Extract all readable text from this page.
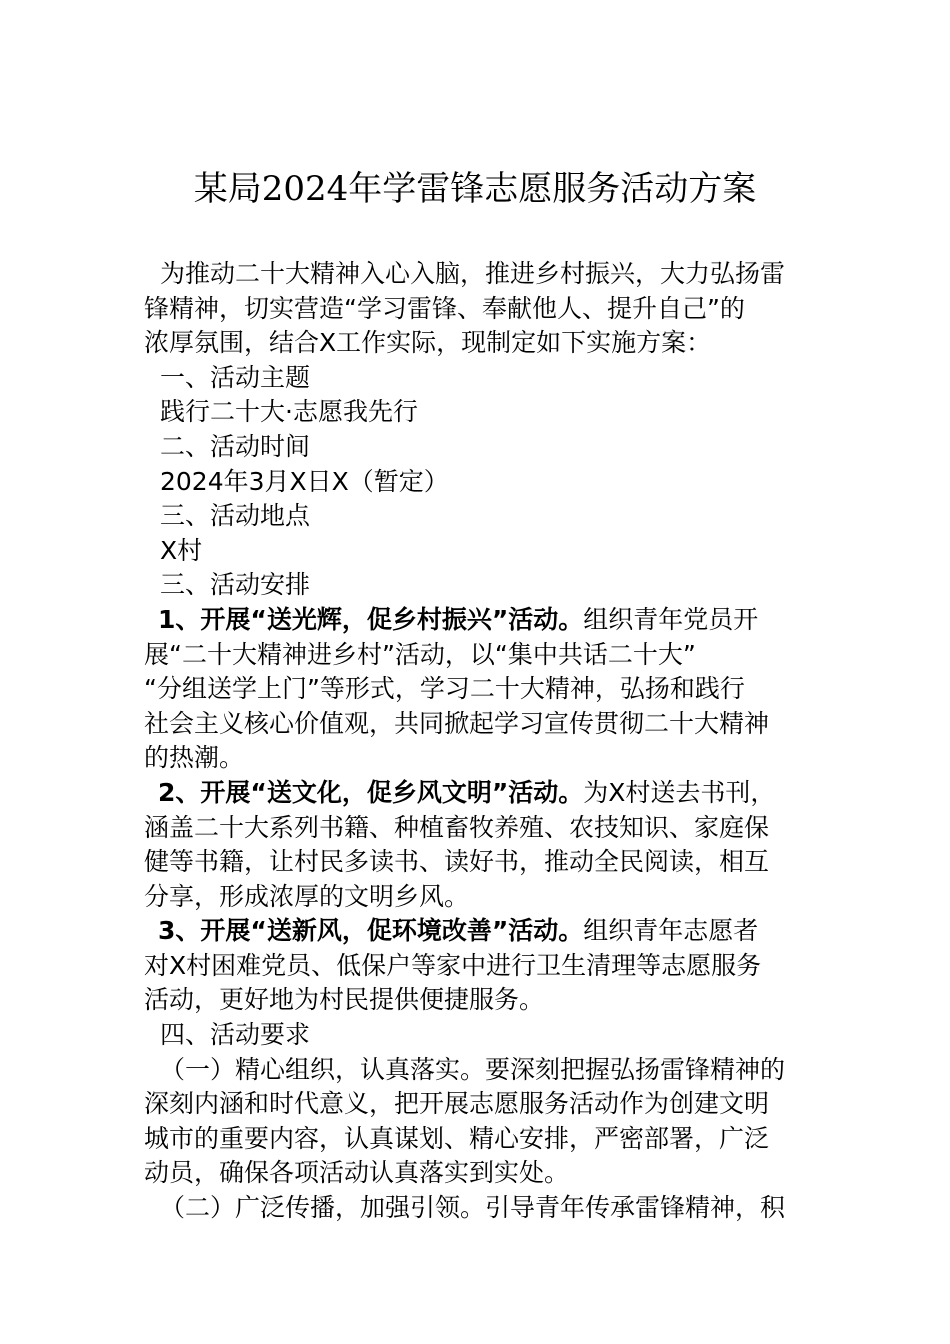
某局2024年学雷锋志愿服务活动方案
为推动二十大精神入心入脑，推进乡村振兴，大力弘扬雷
锋精神，切实营造“学习雷锋、奉献他人、提升自己”的
浓厚氛围，结合X工作实际，现制定如下实施方案：
一、活动主题
践行二十大·志愿我先行
二、活动时间
2024年3月X日X（暂定）
三、活动地点
X村
三、活动安排
1、开展“送光辉，促乡村振兴”活动。组织青年党员开
展“二十大精神进乡村”活动，以“集中共话二十大”
“分组送学上门”等形式，学习二十大精神，弘扬和践行
社会主义核心价值观，共同掀起学习宣传贯彻二十大精神
的热潮。
2、开展“送文化，促乡风文明”活动。为X村送去书刊，
涵盖二十大系列书籍、种植畜牧养殖、农技知识、家庭保
健等书籍，让村民多读书、读好书，推动全民阅读，相互
分享，形成浓厚的文明乡风。
3、开展“送新风，促环境改善”活动。组织青年志愿者
对X村困难党员、低保户等家中进行卫生清理等志愿服务
活动，更好地为村民提供便捷服务。
四、活动要求
（一）精心组织，认真落实。要深刻把握弘扬雷锋精神的
深刻内涵和时代意义，把开展志愿服务活动作为创建文明
城市的重要内容，认真谋划、精心安排，严密部署，广泛
动员，确保各项活动认真落实到实处。
（二）广泛传播，加强引领。引导青年传承雷锋精神，积
